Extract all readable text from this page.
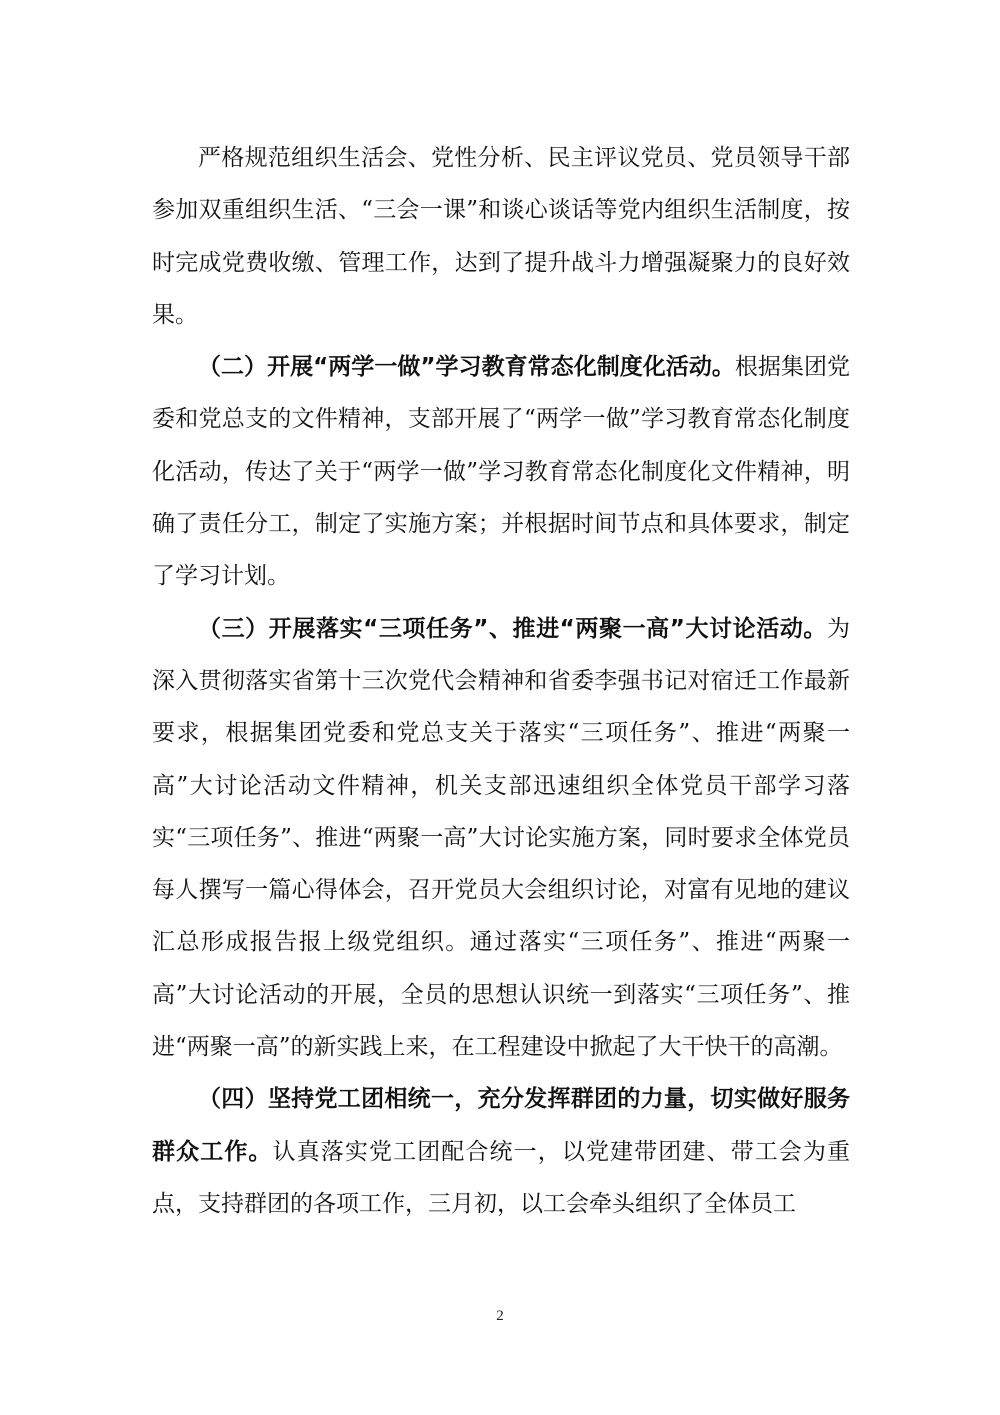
严格规范组织生活会、党性分析、民主评议党员、党员领导干部参加双重组织生活、“三会一课”和谈心谈话等党内组织生活制度，按时完成党费收缴、管理工作，达到了提升战斗力增强凝聚力的良好效果。

（二）开展“两学一做”学习教育常态化制度化活动。根据集团党委和党总支的文件精神，支部开展了“两学一做”学习教育常态化制度化活动，传达了关于“两学一做”学习教育常态化制度化文件精神，明确了责任分工，制定了实施方案；并根据时间节点和具体要求，制定了学习计划。

（三）开展落实“三项任务”、推进“两聚一高”大讨论活动。为深入贯彻落实省第十三次党代会精神和省委李强书记对宿迁工作最新要求，根据集团党委和党总支关于落实“三项任务”、推进“两聚一高”大讨论活动文件精神，机关支部迅速组织全体党员干部学习落实“三项任务”、推进“两聚一高”大讨论实施方案，同时要求全体党员每人撰写一篇心得体会，召开党员大会组织讨论，对富有见地的建议汇总形成报告报上级党组织。通过落实“三项任务”、推进“两聚一高”大讨论活动的开展，全员的思想认识统一到落实“三项任务”、推进“两聚一高”的新实践上来，在工程建设中掀起了大干快干的高潮。

（四）坚持党工团相统一，充分发挥群团的力量，切实做好服务群众工作。认真落实党工团配合统一，以党建带团建、带工会为重点，支持群团的各项工作，三月初，以工会牵头组织了全体员工

2
